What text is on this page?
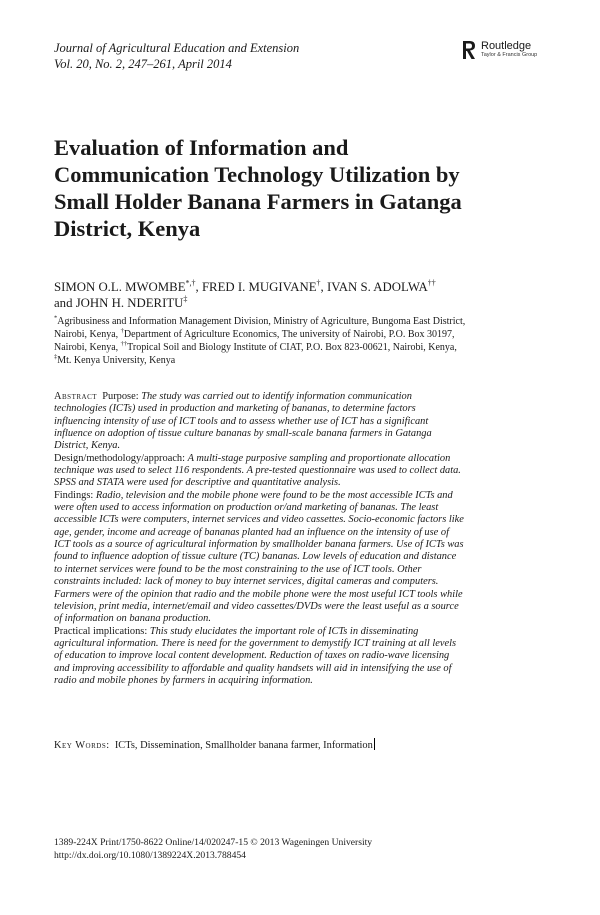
Journal of Agricultural Education and Extension
Vol. 20, No. 2, 247–261, April 2014
Routledge
Taylor & Francis Group
Evaluation of Information and
Communication Technology Utilization by
Small Holder Banana Farmers in Gatanga
District, Kenya
SIMON O.L. MWOMBE*,†, FRED I. MUGIVANE†, IVAN S. ADOLWA††
and JOHN H. NDERITU‡
*Agribusiness and Information Management Division, Ministry of Agriculture, Bungoma East District,
Nairobi, Kenya, †Department of Agriculture Economics, The university of Nairobi, P.O. Box 30197,
Nairobi, Kenya, ††Tropical Soil and Biology Institute of CIAT, P.O. Box 823-00621, Nairobi, Kenya,
‡Mt. Kenya University, Kenya
Abstract Purpose: The study was carried out to identify information communication
technologies (ICTs) used in production and marketing of bananas, to determine factors
influencing intensity of use of ICT tools and to assess whether use of ICT has a significant
influence on adoption of tissue culture bananas by small-scale banana farmers in Gatanga
District, Kenya.
Design/methodology/approach: A multi-stage purposive sampling and proportionate allocation
technique was used to select 116 respondents. A pre-tested questionnaire was used to collect data.
SPSS and STATA were used for descriptive and quantitative analysis.
Findings: Radio, television and the mobile phone were found to be the most accessible ICTs and
were often used to access information on production or/and marketing of bananas. The least
accessible ICTs were computers, internet services and video cassettes. Socio-economic factors like
age, gender, income and acreage of bananas planted had an influence on the intensity of use of
ICT tools as a source of agricultural information by smallholder banana farmers. Use of ICTs was
found to influence adoption of tissue culture (TC) bananas. Low levels of education and distance
to internet services were found to be the most constraining to the use of ICT tools. Other
constraints included: lack of money to buy internet services, digital cameras and computers.
Farmers were of the opinion that radio and the mobile phone were the most useful ICT tools while
television, print media, internet/email and video cassettes/DVDs were the least useful as a source
of information on banana production.
Practical implications: This study elucidates the important role of ICTs in disseminating
agricultural information. There is need for the government to demystify ICT training at all levels
of education to improve local content development. Reduction of taxes on radio-wave licensing
and improving accessibility to affordable and quality handsets will aid in intensifying the use of
radio and mobile phones by farmers in acquiring information.
Key Words: ICTs, Dissemination, Smallholder banana farmer, Information
1389-224X Print/1750-8622 Online/14/020247-15 © 2013 Wageningen University
http://dx.doi.org/10.1080/1389224X.2013.788454
